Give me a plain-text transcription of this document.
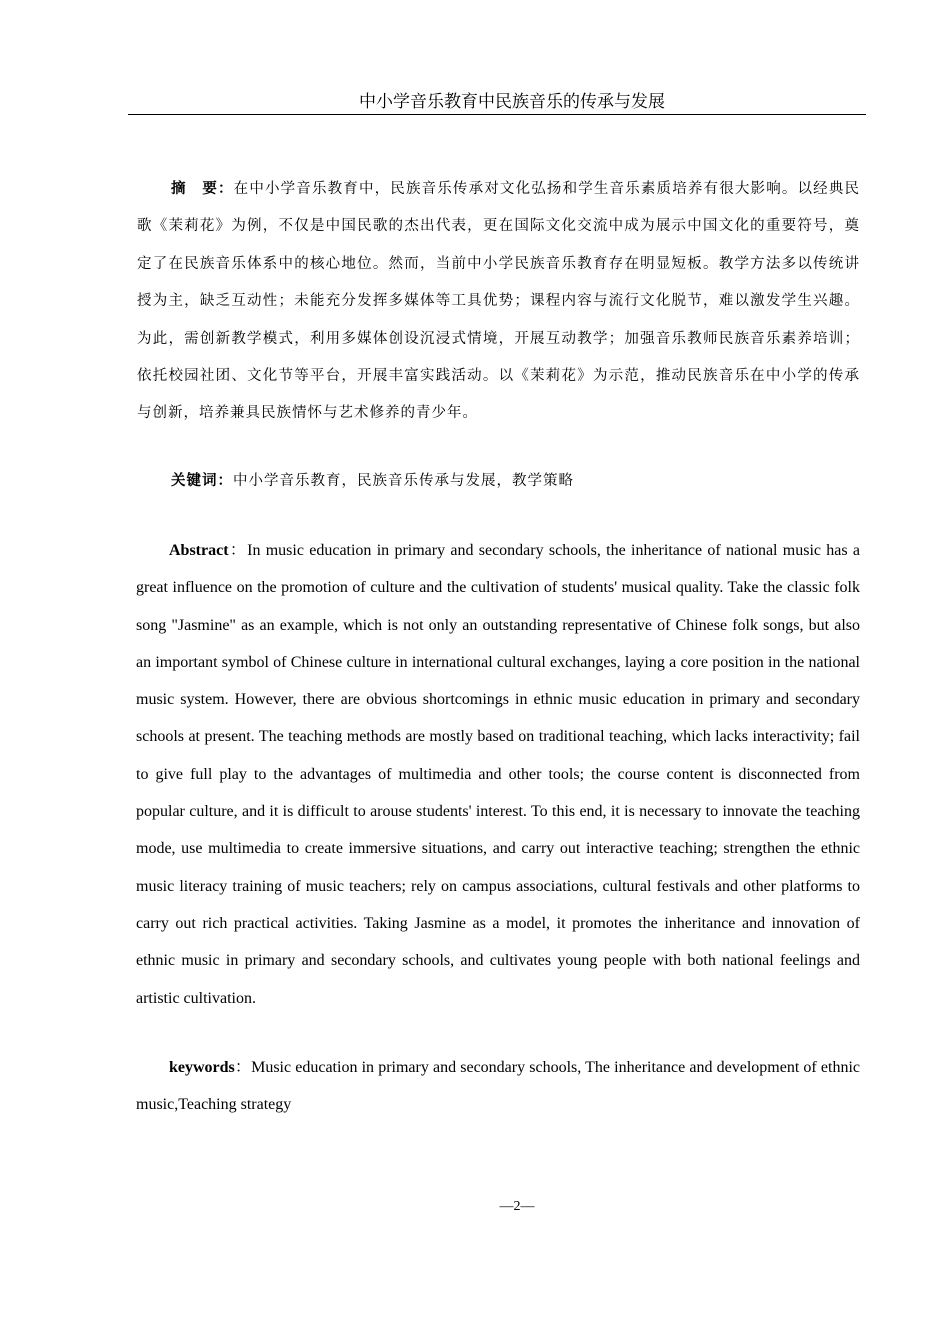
中小学音乐教育中民族音乐的传承与发展
摘　要：在中小学音乐教育中，民族音乐传承对文化弘扬和学生音乐素质培养有很大影响。以经典民歌《茉莉花》为例，不仅是中国民歌的杰出代表，更在国际文化交流中成为展示中国文化的重要符号，奠定了在民族音乐体系中的核心地位。然而，当前中小学民族音乐教育存在明显短板。教学方法多以传统讲授为主，缺乏互动性；未能充分发挥多媒体等工具优势；课程内容与流行文化脱节，难以激发学生兴趣。为此，需创新教学模式，利用多媒体创设沉浸式情境，开展互动教学；加强音乐教师民族音乐素养培训；依托校园社团、文化节等平台，开展丰富实践活动。以《茉莉花》为示范，推动民族音乐在中小学的传承与创新，培养兼具民族情怀与艺术修养的青少年。
关键词：中小学音乐教育，民族音乐传承与发展，教学策略
Abstract：In music education in primary and secondary schools, the inheritance of national music has a great influence on the promotion of culture and the cultivation of students' musical quality. Take the classic folk song "Jasmine" as an example, which is not only an outstanding representative of Chinese folk songs, but also an important symbol of Chinese culture in international cultural exchanges, laying a core position in the national music system. However, there are obvious shortcomings in ethnic music education in primary and secondary schools at present. The teaching methods are mostly based on traditional teaching, which lacks interactivity; fail to give full play to the advantages of multimedia and other tools; the course content is disconnected from popular culture, and it is difficult to arouse students' interest. To this end, it is necessary to innovate the teaching mode, use multimedia to create immersive situations, and carry out interactive teaching; strengthen the ethnic music literacy training of music teachers; rely on campus associations, cultural festivals and other platforms to carry out rich practical activities. Taking Jasmine as a model, it promotes the inheritance and innovation of ethnic music in primary and secondary schools, and cultivates young people with both national feelings and artistic cultivation.
keywords：Music education in primary and secondary schools, The inheritance and development of ethnic music,Teaching strategy
—2—
